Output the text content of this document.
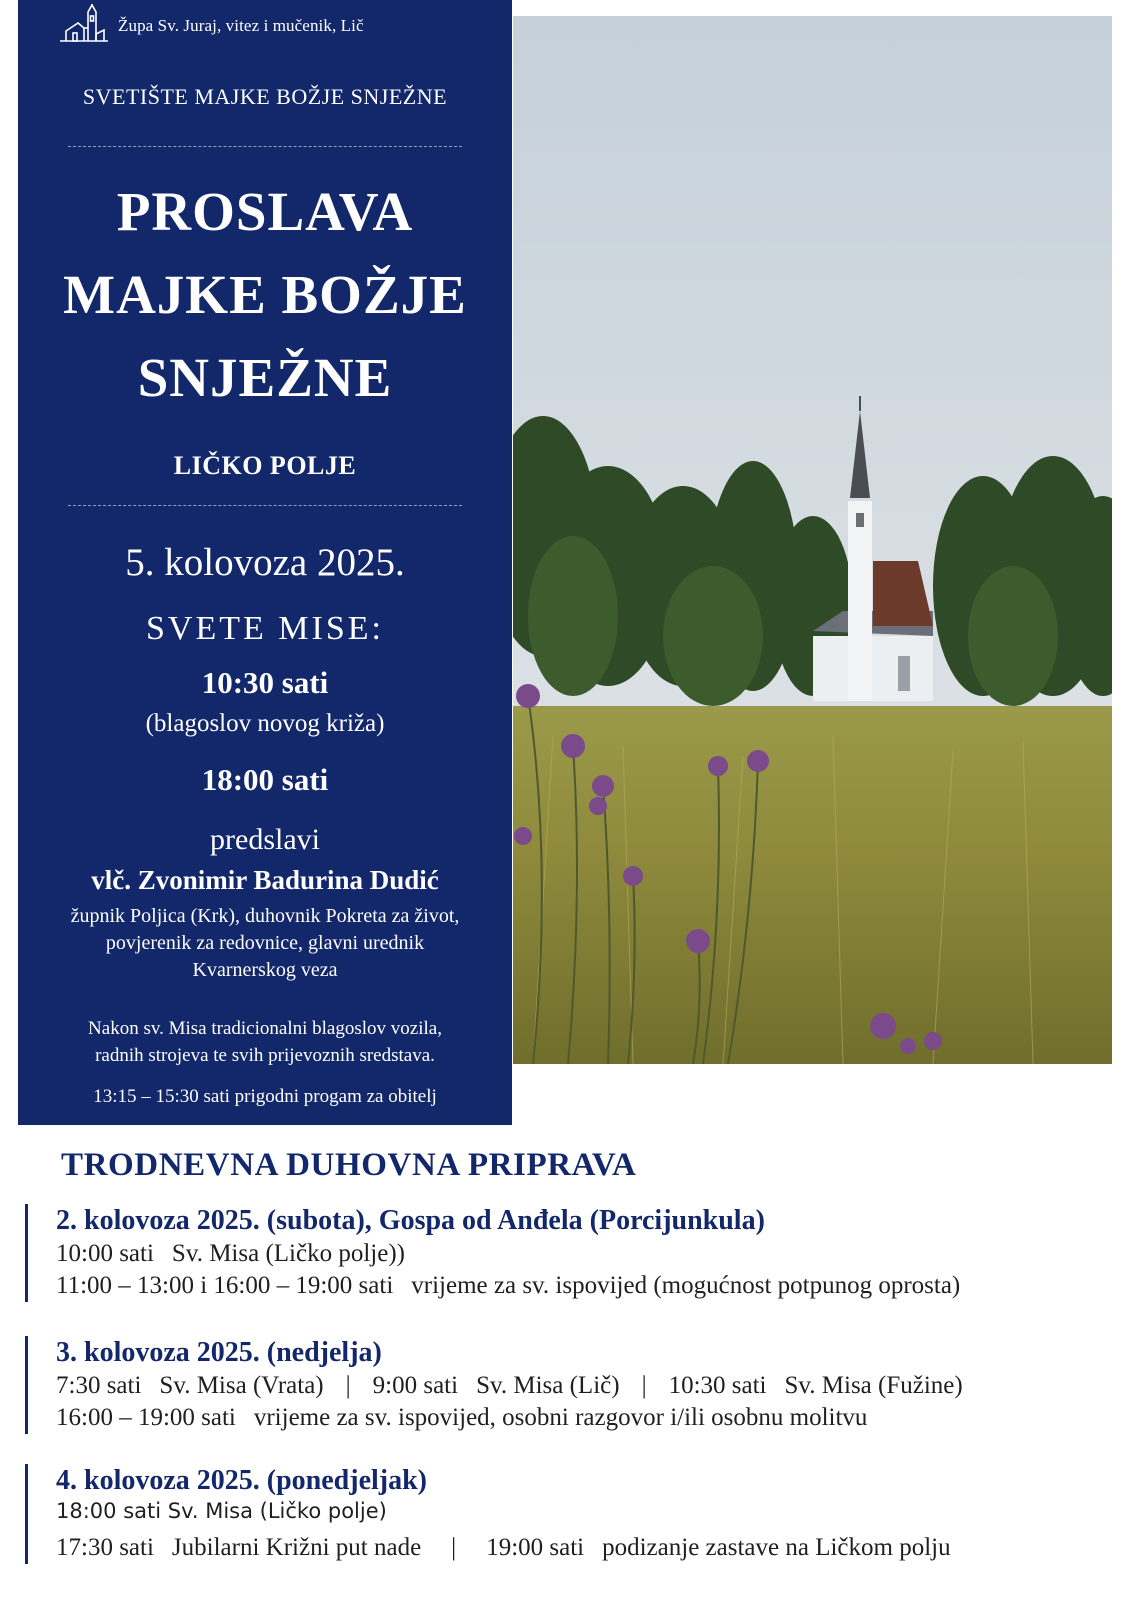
Župa Sv. Juraj, vitez i mučenik, Lič
SVETIŠTE MAJKE BOŽJE SNJEŽNE
PROSLAVA
MAJKE BOŽJE
SNJEŽNE
LIČKO POLJE
5. kolovoza 2025.
SVETE MISE:
10:30 sati
(blagoslov novog križa)
18:00 sati
predslavi
vlč. Zvonimir Badurina Dudić
župnik Poljica (Krk), duhovnik Pokreta za život,
povjerenik za redovnice, glavni urednik
Kvarnerskog veza
Nakon sv. Misa tradicionalni blagoslov vozila,
radnih strojeva te svih prijevoznih sredstava.
13:15 – 15:30 sati prigodni progam za obitelj
TRODNEVNA DUHOVNA PRIPRAVA
2. kolovoza 2025. (subota), Gospa od Anđela (Porcijunkula)
10:00 sati Sv. Misa (Ličko polje))
11:00 – 13:00 i 16:00 – 19:00 sati vrijeme za sv. ispovijed (mogućnost potpunog oprosta)
3. kolovoza 2025. (nedjelja)
7:30 sati Sv. Misa (Vrata) | 9:00 sati Sv. Misa (Lič) | 10:30 sati Sv. Misa (Fužine)
16:00 – 19:00 sati vrijeme za sv. ispovijed, osobni razgovor i/ili osobnu molitvu
4. kolovoza 2025. (ponedjeljak)
18:00 sati Sv. Misa (Ličko polje)
17:30 sati Jubilarni Križni put nade | 19:00 sati podizanje zastave na Ličkom polju
